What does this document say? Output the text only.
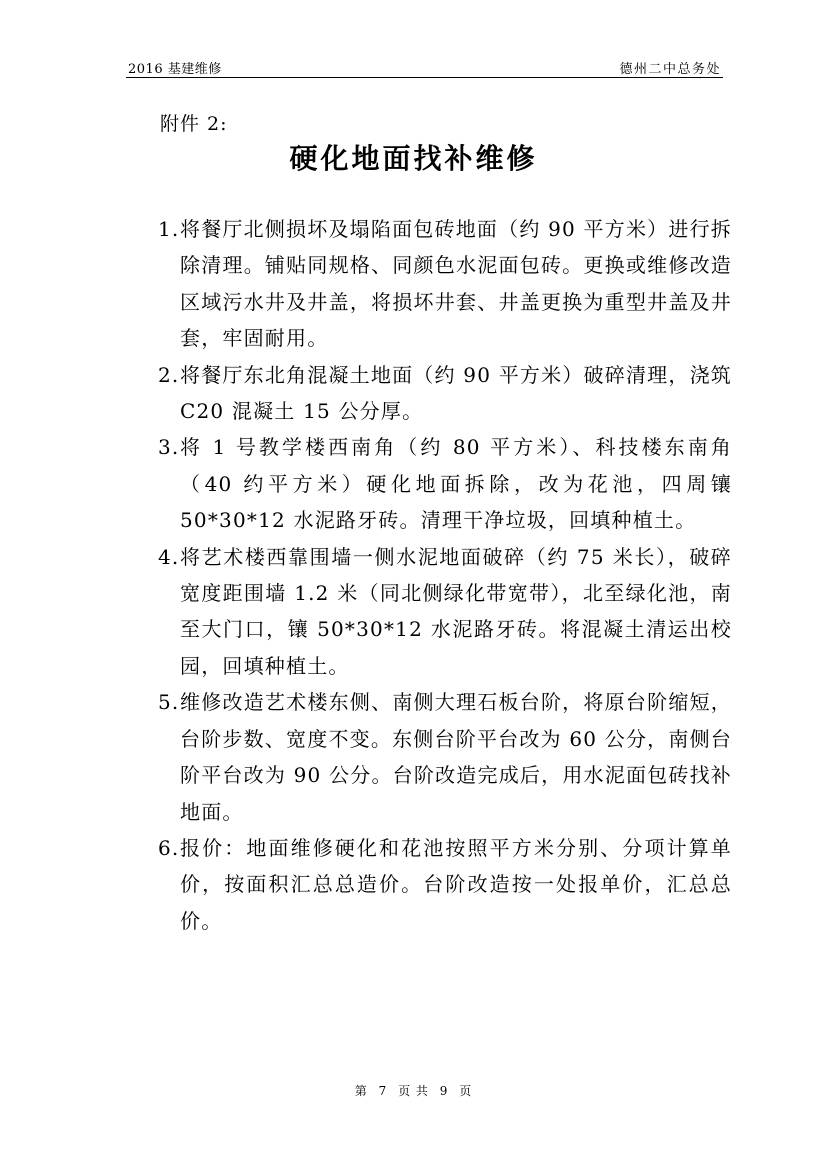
2016 基建维修	德州二中总务处
附件 2:
硬化地面找补维修
1. 将餐厅北侧损坏及塌陷面包砖地面（约 90 平方米）进行拆除清理。铺贴同规格、同颜色水泥面包砖。更换或维修改造区域污水井及井盖，将损坏井套、井盖更换为重型井盖及井套，牢固耐用。
2. 将餐厅东北角混凝土地面（约 90 平方米）破碎清理，浇筑 C20 混凝土 15 公分厚。
3. 将 1 号教学楼西南角（约 80 平方米）、科技楼东南角（40 约平方米）硬化地面拆除，改为花池，四周镶 50*30*12 水泥路牙砖。清理干净垃圾，回填种植土。
4. 将艺术楼西靠围墙一侧水泥地面破碎（约 75 米长），破碎宽度距围墙 1.2 米（同北侧绿化带宽带），北至绿化池，南至大门口，镶 50*30*12 水泥路牙砖。将混凝土清运出校园，回填种植土。
5. 维修改造艺术楼东侧、南侧大理石板台阶，将原台阶缩短，台阶步数、宽度不变。东侧台阶平台改为 60 公分，南侧台阶平台改为 90 公分。台阶改造完成后，用水泥面包砖找补地面。
6. 报价：地面维修硬化和花池按照平方米分别、分项计算单价，按面积汇总总造价。台阶改造按一处报单价，汇总总价。
第 7 页 共 9 页
